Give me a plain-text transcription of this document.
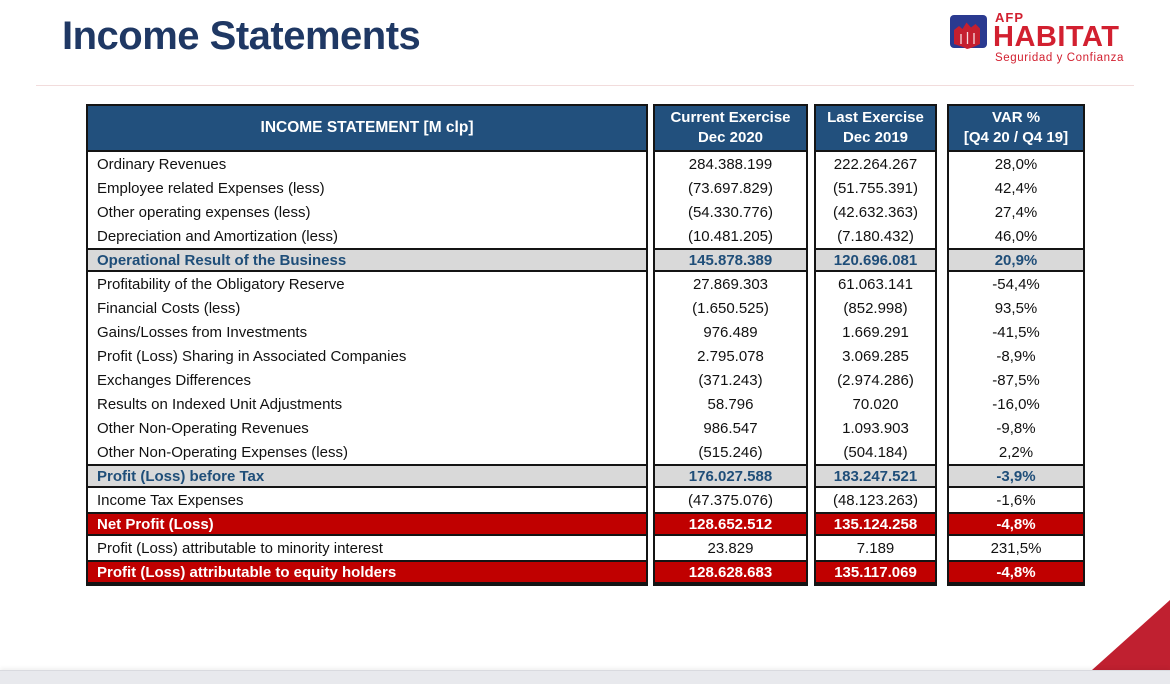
Income Statements	AFP
HABITAT
Seguridad y Confianza
INCOME STATEMENT [M clp]
Ordinary Revenues
Employee related Expenses (less)
Other operating expenses (less)
Depreciation and Amortization (less)
Operational Result of the Business
Profitability of the Obligatory Reserve
Financial Costs (less)
Gains/Losses from Investments
Profit (Loss) Sharing in Associated Companies
Exchanges Differences
Results on Indexed Unit Adjustments
Other Non-Operating Revenues
Other Non-Operating Expenses (less)
Profit (Loss) before Tax
Income Tax Expenses
Net Profit (Loss)
Profit (Loss) attributable to minority interest
Profit (Loss) attributable to equity holders
Current Exercise
Dec 2020
284.388.199
(73.697.829)
(54.330.776)
(10.481.205)
145.878.389
27.869.303
(1.650.525)
976.489
2.795.078
(371.243)
58.796
986.547
(515.246)
176.027.588
(47.375.076)
128.652.512
23.829
128.628.683
Last Exercise
Dec 2019
222.264.267
(51.755.391)
(42.632.363)
(7.180.432)
120.696.081
61.063.141
(852.998)
1.669.291
3.069.285
(2.974.286)
70.020
1.093.903
(504.184)
183.247.521
(48.123.263)
135.124.258
7.189
135.117.069
VAR %
[Q4 20 / Q4 19]
28,0%
42,4%
27,4%
46,0%
20,9%
-54,4%
93,5%
-41,5%
-8,9%
-87,5%
-16,0%
-9,8%
2,2%
-3,9%
-1,6%
-4,8%
231,5%
-4,8%
